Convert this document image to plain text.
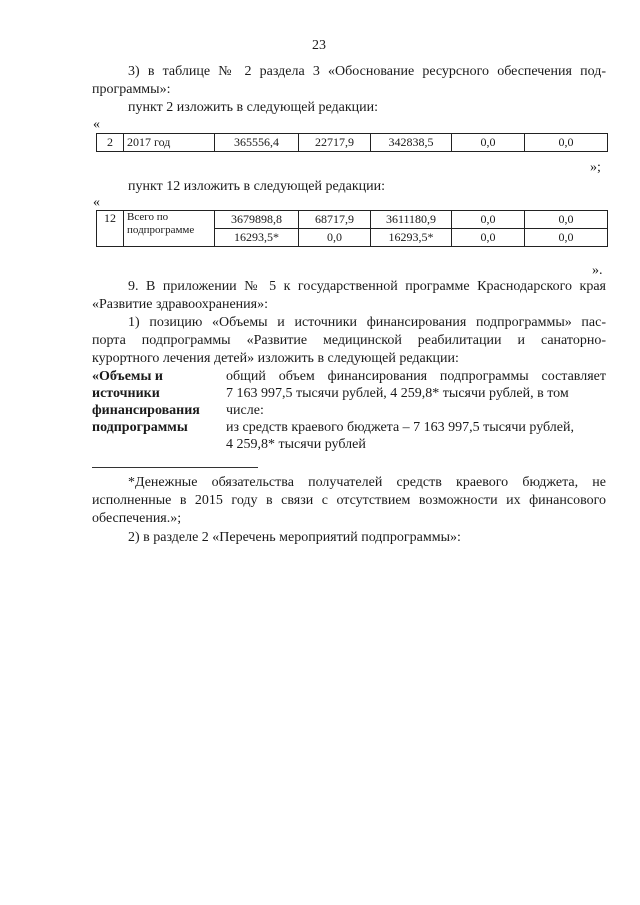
23
3) в таблице № 2 раздела 3 «Обоснование ресурсного обеспечения под-
программы»:
пункт 2 изложить в следующей редакции:
«
2	2017 год	365556,4	22717,9	342838,5	0,0	0,0
»;
пункт 12 изложить в следующей редакции:
«
12	Всего по
подпрограмме	3679898,8	68717,9	3611180,9	0,0	0,0
		16293,5*	0,0	16293,5*	0,0	0,0
».
9. В приложении № 5 к государственной программе Краснодарского края
«Развитие здравоохранения»:
1) позицию «Объемы и источники финансирования подпрограммы» пас-
порта подпрограммы «Развитие медицинской реабилитации и санаторно-
курортного лечения детей» изложить в следующей редакции:
«Объемы и
источники
финансирования
подпрограммы
общий объем финансирования подпрограммы составляет
7 163 997,5 тысячи рублей, 4 259,8* тысячи рублей, в том
числе:
из средств краевого бюджета – 7 163 997,5 тысячи рублей,
4 259,8* тысячи рублей
*Денежные обязательства получателей средств краевого бюджета, не
исполненные в 2015 году в связи с отсутствием возможности их финансового
обеспечения.»;
2) в разделе 2 «Перечень мероприятий подпрограммы»:
